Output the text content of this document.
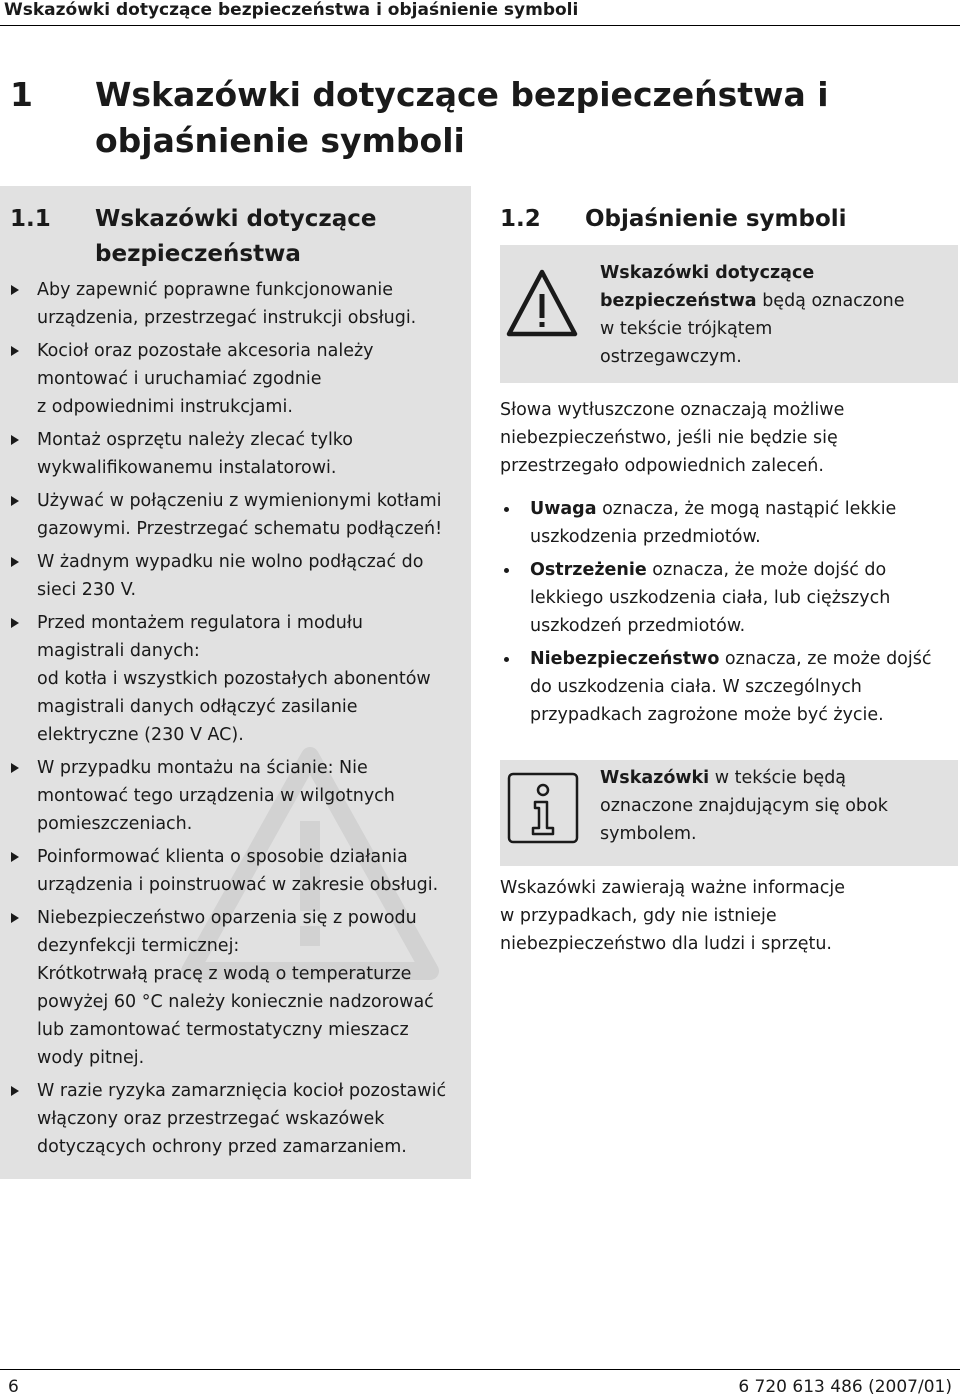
Wskazówki dotyczące bezpieczeństwa i objaśnienie symboli
1 Wskazówki dotyczące bezpieczeństwa i objaśnienie symboli
1.1 Wskazówki dotyczące bezpieczeństwa
Aby zapewnić poprawne funkcjonowanie
urządzenia, przestrzegać instrukcji obsługi.
Kocioł oraz pozostałe akcesoria należy
montować i uruchamiać zgodnie
z odpowiednimi instrukcjami.
Montaż osprzętu należy zlecać tylko
wykwalifikowanemu instalatorowi.
Używać w połączeniu z wymienionymi kotłami
gazowymi. Przestrzegać schematu podłączeń!
W żadnym wypadku nie wolno podłączać do
sieci 230 V.
Przed montażem regulatora i modułu
magistrali danych:
od kotła i wszystkich pozostałych abonentów
magistrali danych odłączyć zasilanie
elektryczne (230 V AC).
W przypadku montażu na ścianie: Nie
montować tego urządzenia w wilgotnych
pomieszczeniach.
Poinformować klienta o sposobie działania
urządzenia i poinstruować w zakresie obsługi.
Niebezpieczeństwo oparzenia się z powodu
dezynfekcji termicznej:
Krótkotrwałą pracę z wodą o temperaturze
powyżej 60 °C należy koniecznie nadzorować
lub zamontować termostatyczny mieszacz
wody pitnej.
W razie ryzyka zamarznięcia kocioł pozostawić
włączony oraz przestrzegać wskazówek
dotyczących ochrony przed zamarzaniem.
1.2 Objaśnienie symboli
Wskazówki dotyczące
bezpieczeństwa będą oznaczone
w tekście trójkątem
ostrzegawczym.
Słowa wytłuszczone oznaczają możliwe
niebezpieczeństwo, jeśli nie będzie się
przestrzegało odpowiednich zaleceń.
Uwaga oznacza, że mogą nastąpić lekkie uszkodzenia przedmiotów.
Ostrzeżenie oznacza, że może dojść do lekkiego uszkodzenia ciała, lub cięższych uszkodzeń przedmiotów.
Niebezpieczeństwo oznacza, ze może dojść do uszkodzenia ciała. W szczególnych przypadkach zagrożone może być życie.
Wskazówki w tekście będą
oznaczone znajdującym się obok
symbolem.
Wskazówki zawierają ważne informacje
w przypadkach, gdy nie istnieje
niebezpieczeństwo dla ludzi i sprzętu.
6	6 720 613 486 (2007/01)
